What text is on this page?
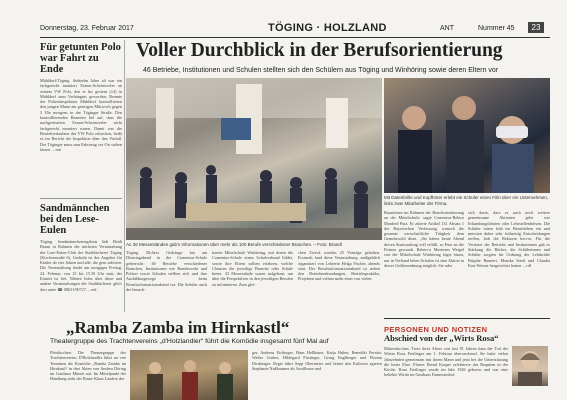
Donnerstag, 23. Februar 2017	TÖGING · HOLZLAND	ANT	Nummer 45	23
Für getunten Polo war Fahrt zu Ende
Mühldorf/Töging. Siebzehn Jahre alt war ein fachgerecht montiert Xenon-Scheinwerfer an seinem VW Polo, den er bis gestern (14) in Mühldorf zum Verhängnis geworden: Beamte der Polizeiinspektion Mühldorf kontrollierten den jungen Mann am gestrigen Mittwoch gegen 3 Uhr morgens in der Töginger Straße. Den kontrollierenden Beamten fiel auf, dass die nachgerüsteten Xenon-Scheinwerfer nicht fachgerecht montiert waren. Damit war die Betriebserlaubnis des VW Polo erloschen, heißt es im Bericht der Inspektion über den Vorfall. Der Töginger muss nun Fahrzeug vor Ort stehen lassen. – mü
Sandmännchen bei den Lese-Eulen
Töging. Sandmännchenergebnis lädt Heidi Braun in Rahmen der nächsten Veranstaltung der Lese-Eulen-Club der Stadtbücherei Töging (Kirchenstraße 6). Gedacht ist das Angebot für Kinder ab vier Jahren und alle, die gern zuhören. Die Veranstaltung findet am morgigen Freitag, 24. Februar, von 15 bis 15.30 Uhr statt, der Eintritt ist frei. Nähere Infos über diese und andere Veranstaltungen der Stadtbücherei gibt's dort unter ☎ 08631/90727. – red
Voller Durchblick in der Berufsorientierung
46 Betriebe, Institutionen und Schulen stellten sich den Schülern aus Töging und Winhöring sowie deren Eltern vor
An 36 Messeständen gab's Informationen über mehr als 100 Berufe verschiedener Branchen. – Foto: Brandl
Mit Datenbrille und Kopfhörer erlebt ein Schüler einen Film über ein Unternehmen, links zwei Mitarbeiter der Firma.
Töging. Dichtes Gedränge hat am Dienstagabend in der Comenius-Schule geherrscht: 46 Betriebe verschiedener Branchen, Institutionen wie Bundeswehr und Polizei sowie Schulen stellten sich und ihre Ausbildungswege beim Berufsinformationsabend vor. Die Schüler auch der benach-
barten Mittelschule Winhöring, mit denen die Comenius-Schule einen Schulverbund bildet, sowie ihre Eltern sollten erfahren, welche Chancen die jeweilige Branche oder Schule bietet. 33 Messestände waren aufgebaut, um über die Perspektiven in den jeweiligen Berufen zu informieren. Zum glei-
chen Zweck wurden 25 Vorträge gehalten. Erstmals fand diese Veranstaltung, maßgeblich organisiert von Lehrerin Helga Fischer, abends statt. Der Berufsinformationsabend ist neben den Betriebserkundungen, Betriebspraktika, Projekten und vielem mehr einer von vielen
Bausteinen im Rahmen der Berufsorientierung an der Mittelschule, sagte Comenius-Rektor Manfred Putz. Er zitierte Artikel 131 Absatz 1 der Bayerischen Verfassung, wonach die gesamte wirtschaftliche Tätigkeit dem Gemeinwohl dient. „Sie haben heute Abend diesen Staatsauftrag voll erfüllt, so Putz an die Firmen gewandt. Rebecca Maximen Weigel von der Mittelschule Winhöring fügte hinzu, nur in Verbund böten Schulen ist eine Aktion in dieser Größenordnung möglich. Sie sehe
sich darin, dass es auch noch weitere gemeinsame Aktionen gebe wie Erkundungsfahrten oder Lehrstellenbörsen. Die Schüler träten früh ins Berufsleben ein und müssten daher sehr frühzeitig Entscheidungen treffen, hob die Rektorin hervor. Für die Vertreter der Betriebe und Institutionen gab es Stärkung die Bäcker, die Schülerinnen und Schüler sorgten für Ordnung der Lehrkräfte Brigitte Bannert, Monika Streil und Claudia Kon-Werner hergerichtet hatten. – rdf
„Ramba Zamba im Hirnkastl“
Theatergruppe des Trachtenvereins „d'Holzlandler“ führt die Komödie insgesamt fünf Mal auf
Pleiskirchen. Die Theatergruppe des Trachtenvereins D'Holzlandler führt an vier Terminen die Komödie „Ramba Zamba im Hirnkastl“ in drei Akten von Andrea Döring im Gasthaus Münch auf. Im Mittelpunkt der Handlung steht der Bauer Klaus Landrat der
ger, Andreas Eichinger, Hans Hellbauer, Katja Huber, Benedikt Pernitz, Walter Gruber, Hildegard Pirstinger, Georg Englberger und Florian Dirnberger. Regie führt Sepp Obermeier und hinter den Kulissen agieren Stephanie Nußbaumer als Souffleuse und
PERSONEN UND NOTIZEN
Abschied von der „Wirts Rosa“
Mitterskirchen. Trotz ihres Alters von fast 91 Jahren kam der Tod der Wirtin Rosa Freilinger am 1. Februar überraschend. Sie hatte vielen Jahrzehnten gemeinsam mit ihrem Mann und jetzt bei der Unterstützung die letzte Ehre. Pfarrer Bernd Kasper zelebrierte das Requiem in der Kirche. Rosa Freilinger wurde im Jahr 1926 geboren und war eine beliebte Wirtin im Gasthaus Fanneramhof.
